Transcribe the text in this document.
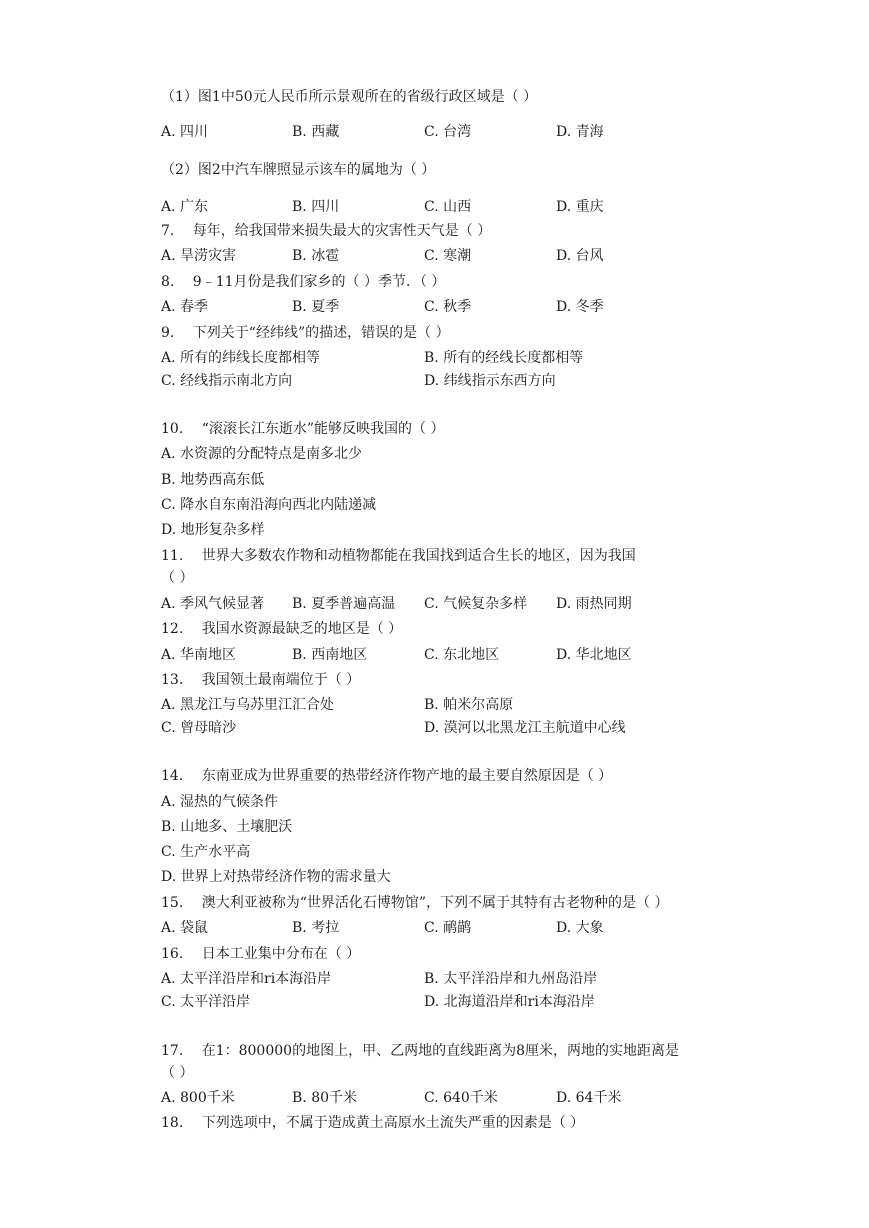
（1）图1中50元人民币所示景观所在的省级行政区域是（ ）
A. 四川	B. 西藏	C. 台湾	D. 青海
（2）图2中汽车牌照显示该车的属地为（ ）
A. 广东	B. 四川	C. 山西	D. 重庆
7.　 每年，给我国带来损失最大的灾害性天气是（ ）
A. 旱涝灾害	B. 冰雹	C. 寒潮	D. 台风
8.　 9﹣11月份是我们家乡的（ ）季节．（ ）
A. 春季	B. 夏季	C. 秋季	D. 冬季
9.　 下列关于“经纬线”的描述，错误的是（ ）
A. 所有的纬线长度都相等	B. 所有的经线长度都相等
C. 经线指示南北方向	D. 纬线指示东西方向
10.　 “滚滚长江东逝水”能够反映我国的（ ）
A. 水资源的分配特点是南多北少
B. 地势西高东低
C. 降水自东南沿海向西北内陆递减
D. 地形复杂多样
11.　 世界大多数农作物和动植物都能在我国找到适合生长的地区，因为我国
（ ）
A. 季风气候显著 B. 夏季普遍高温 C. 气候复杂多样 D. 雨热同期
12.　 我国水资源最缺乏的地区是（ ）
A. 华南地区	B. 西南地区	C. 东北地区	D. 华北地区
13.　 我国领土最南端位于（ ）
A. 黑龙江与乌苏里江汇合处	B. 帕米尔高原
C. 曾母暗沙	D. 漠河以北黑龙江主航道中心线
14.　 东南亚成为世界重要的热带经济作物产地的最主要自然原因是（ ）
A. 湿热的气候条件
B. 山地多、土壤肥沃
C. 生产水平高
D. 世界上对热带经济作物的需求量大
15.　 澳大利亚被称为“世界活化石博物馆”，下列不属于其特有古老物种的是（ ）
A. 袋鼠	B. 考拉	C. 鸸鹋	D. 大象
16.　 日本工业集中分布在（ ）
A. 太平洋沿岸和ri本海沿岸	B. 太平洋沿岸和九州岛沿岸
C. 太平洋沿岸	D. 北海道沿岸和ri本海沿岸
17.　 在1：800000的地图上，甲、乙两地的直线距离为8厘米，两地的实地距离是
（ ）
A. 800千米	B. 80千米	C. 640千米	D. 64千米
18.　 下列选项中，不属于造成黄土高原水土流失严重的因素是（ ）
